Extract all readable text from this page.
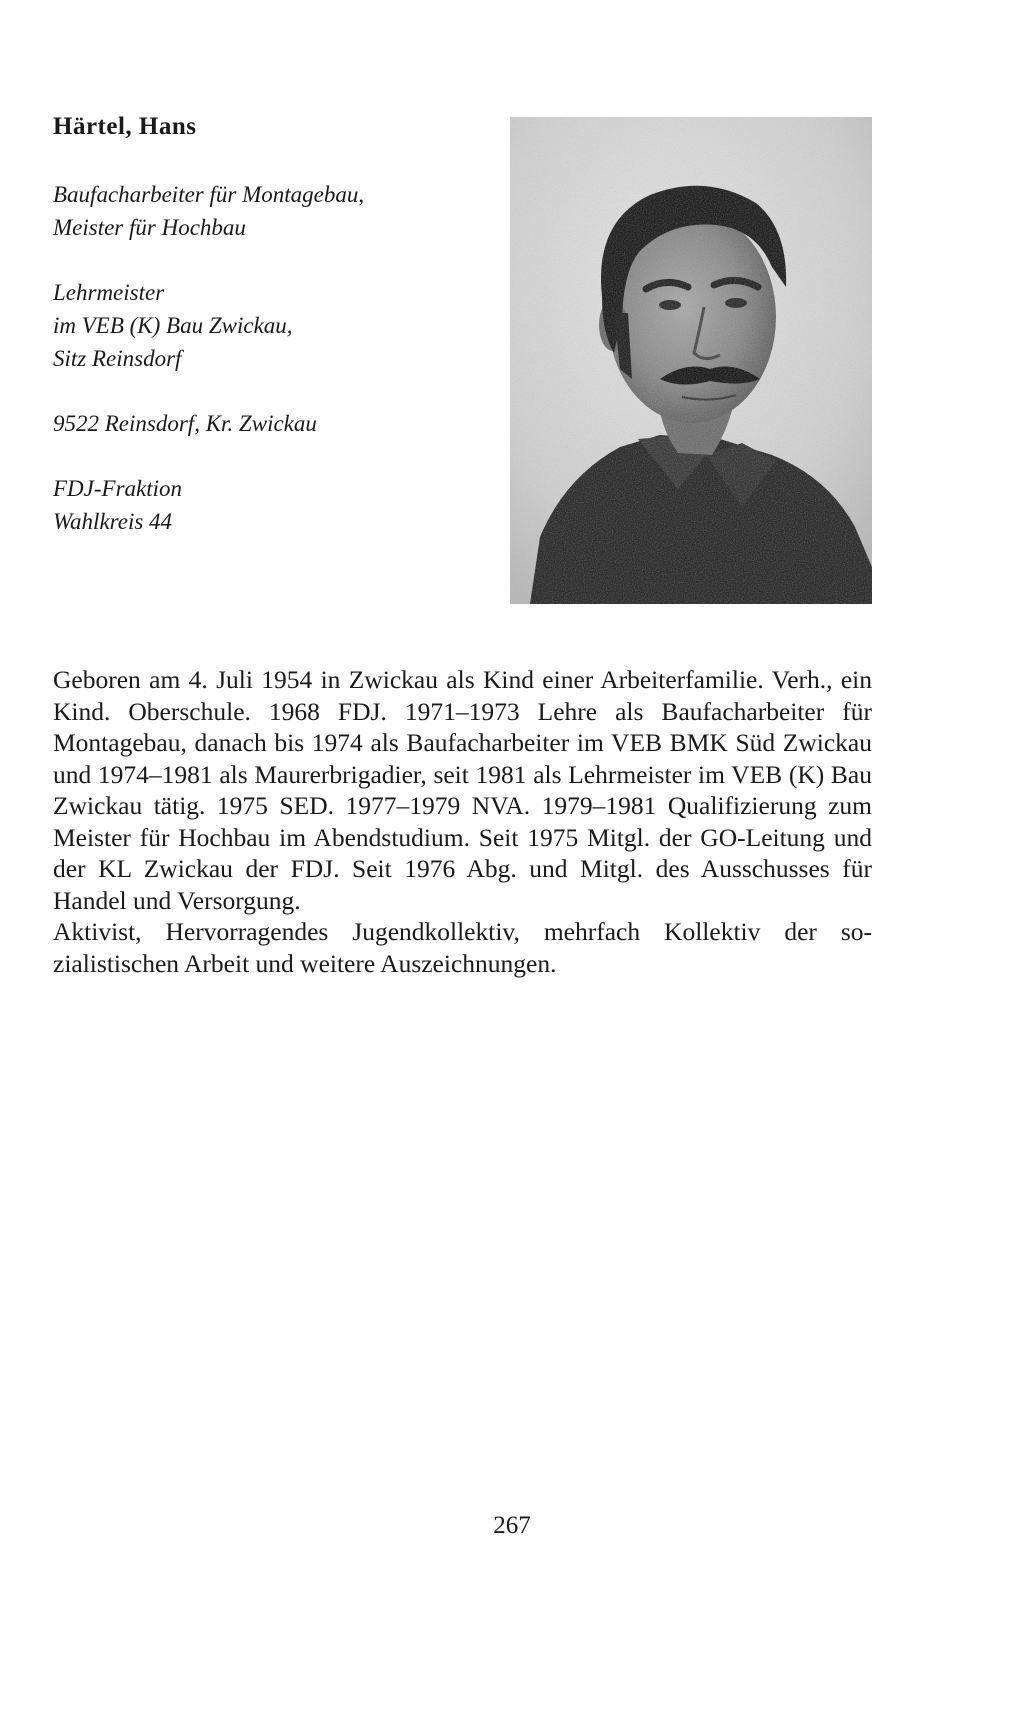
Härtel, Hans
Baufacharbeiter für Montagebau,
Meister für Hochbau
Lehrmeister
im VEB (K) Bau Zwickau,
Sitz Reinsdorf
9522 Reinsdorf, Kr. Zwickau
FDJ-Fraktion
Wahlkreis 44

Geboren am 4. Juli 1954 in Zwickau als Kind einer Arbeiterfamilie. Verh., ein Kind. Oberschule. 1968 FDJ. 1971–1973 Lehre als Baufacharbeiter für Montagebau, danach bis 1974 als Baufacharbeiter im VEB BMK Süd Zwickau und 1974–1981 als Maurerbrigadier, seit 1981 als Lehrmeister im VEB (K) Bau Zwickau tätig. 1975 SED. 1977–1979 NVA. 1979–1981 Qualifizierung zum Meister für Hochbau im Abendstudium. Seit 1975 Mitgl. der GO-Leitung und der KL Zwickau der FDJ. Seit 1976 Abg. und Mitgl. des Ausschusses für Handel und Versorgung.

Aktivist, Hervorragendes Jugendkollektiv, mehrfach Kollektiv der sozialistischen Arbeit und weitere Auszeichnungen.

267
